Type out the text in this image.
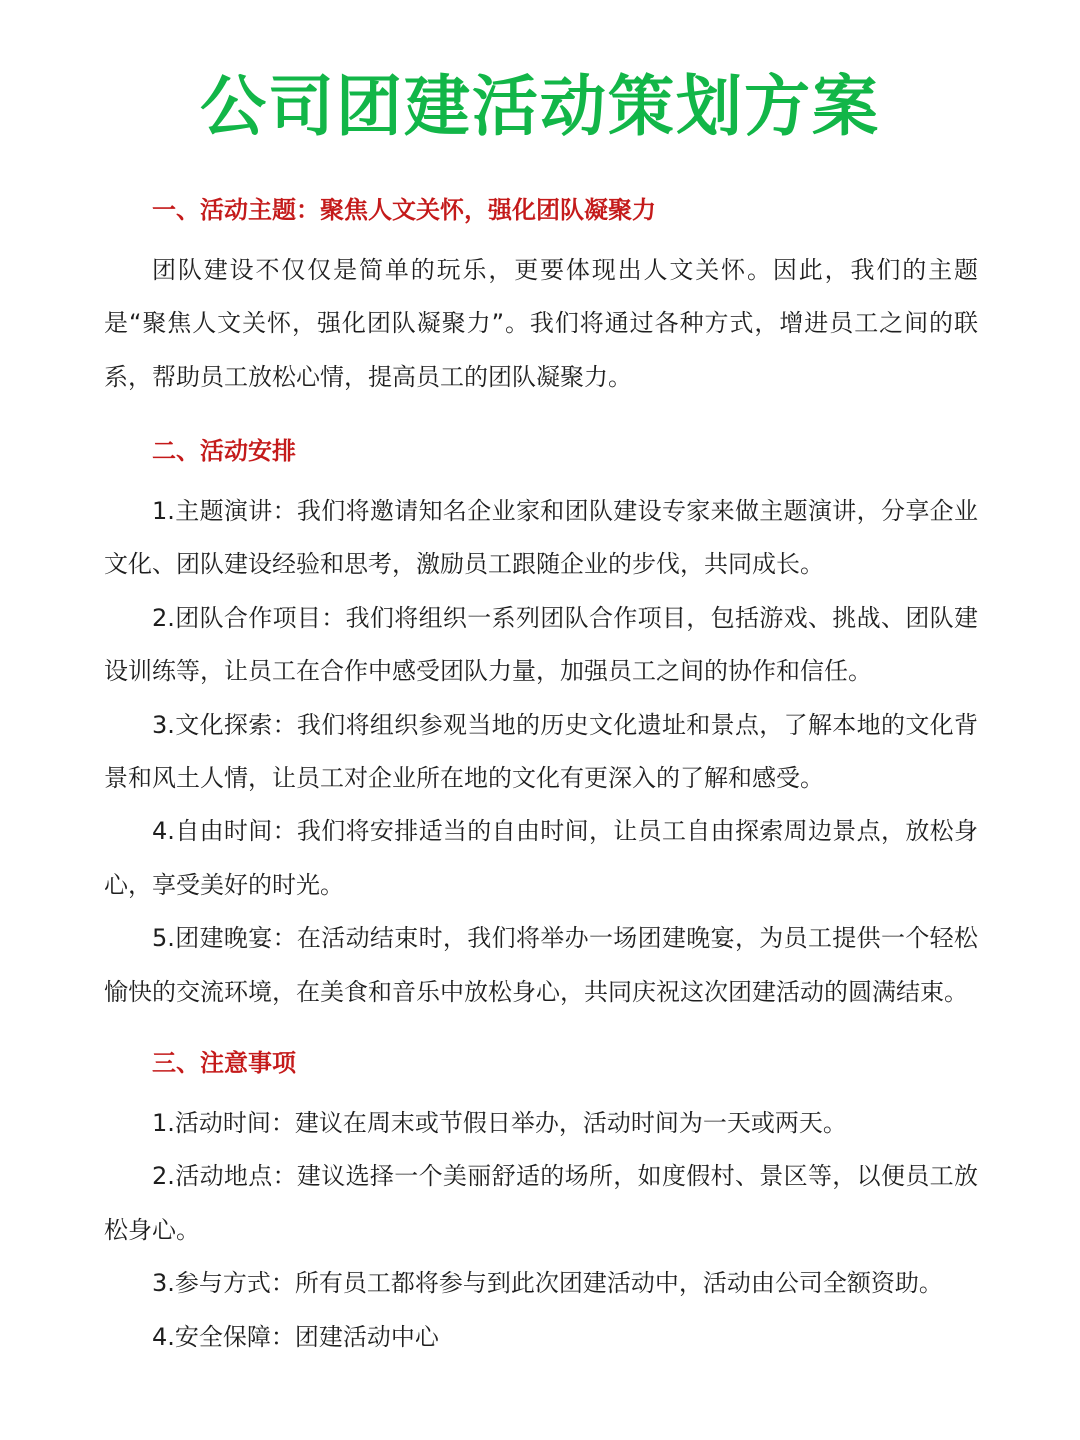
公司团建活动策划方案
一、活动主题：聚焦人文关怀，强化团队凝聚力

团队建设不仅仅是简单的玩乐，更要体现出人文关怀。因此，我们的主题是“聚焦人文关怀，强化团队凝聚力”。我们将通过各种方式，增进员工之间的联系，帮助员工放松心情，提高员工的团队凝聚力。

二、活动安排

1.主题演讲：我们将邀请知名企业家和团队建设专家来做主题演讲，分享企业文化、团队建设经验和思考，激励员工跟随企业的步伐，共同成长。

2.团队合作项目：我们将组织一系列团队合作项目，包括游戏、挑战、团队建设训练等，让员工在合作中感受团队力量，加强员工之间的协作和信任。

3.文化探索：我们将组织参观当地的历史文化遗址和景点，了解本地的文化背景和风土人情，让员工对企业所在地的文化有更深入的了解和感受。

4.自由时间：我们将安排适当的自由时间，让员工自由探索周边景点，放松身心，享受美好的时光。

5.团建晚宴：在活动结束时，我们将举办一场团建晚宴，为员工提供一个轻松愉快的交流环境，在美食和音乐中放松身心，共同庆祝这次团建活动的圆满结束。

三、注意事项

1.活动时间：建议在周末或节假日举办，活动时间为一天或两天。

2.活动地点：建议选择一个美丽舒适的场所，如度假村、景区等，以便员工放松身心。

3.参与方式：所有员工都将参与到此次团建活动中，活动由公司全额资助。

4.安全保障：团建活动中心
